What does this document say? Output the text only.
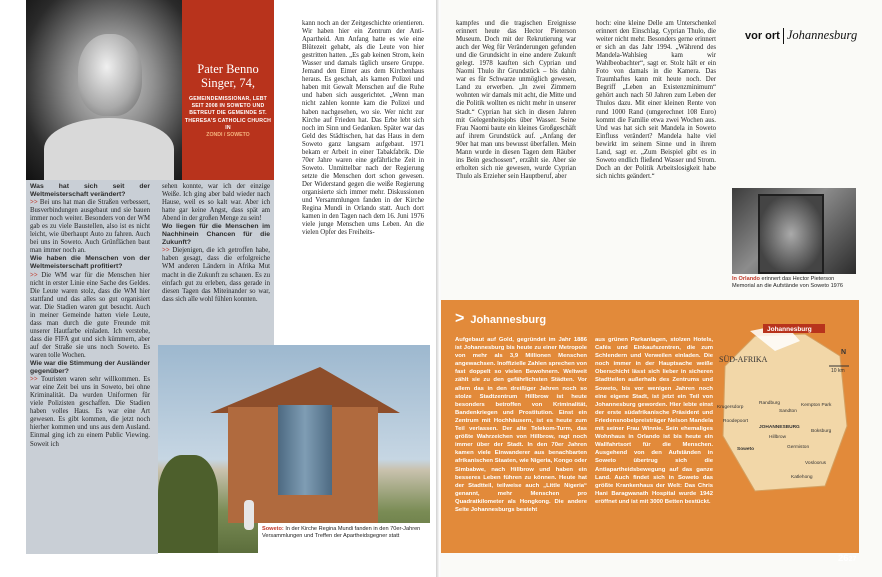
Pater Benno Singer, 74,
GEMEINDEMISSIONAR, LEBT SEIT 2008 IN SOWETO UND BETREUT DIE GEMEINDE ST. THERESA’S CATHOLIC CHURCH IN
ZONDI / SOWETO
Was hat sich seit der Weltmeisterschaft verändert?
>> Bei uns hat man die Straßen verbessert, Busverbindungen ausgebaut und sie bauen immer noch weiter. Besonders von der WM gab es zu viele Baustellen, also ist es nicht leicht, wie überhaupt Auto zu fahren. Auch bei uns in Soweto. Auch Grünflächen baut man immer noch an.
Wie haben die Menschen von der Weltmeisterschaft profitiert?
>> Die WM war für die Menschen hier nicht in erster Linie eine Sache des Geldes. Die Leute waren stolz, dass die WM hier stattfand und das alles so gut organisiert war. Die Stadien waren gut besucht. Auch in meiner Gemeinde hatten viele Leute, dass man durch die gute Freunde mit unserer Hautfarbe einladen. Ich verstehe, dass die FIFA gut und sich kümmern, aber auf der Straße sie uns noch Soweto. Es waren tolle Wochen.
Wie war die Stimmung der Ausländer gegenüber?
>> Touristen waren sehr willkommen. Es war eine Zeit bei uns in Soweto, bei ohne Kriminalität. Da wurden Uniformen für viele Polizisten geschaffen. Die Stadien haben volles Haus. Es war eine Art gewesen. Es gibt kommen, die jetzt noch hierher kommen und uns aus dem Ausland. Einmal ging ich zu einem Public Viewing. Soweit ich
sehen konnte, war ich der einzige Weiße. Ich ging aber bald wieder nach Hause, weil es so kalt war. Aber ich hatte gar keine Angst, dass spät am Abend in der großen Menge zu sein!
Wo liegen für die Menschen im Nachhinein Chancen für die Zukunft?
>> Diejenigen, die ich getroffen habe, haben gesagt, dass die erfolgreiche WM anderen Ländern in Afrika Mut macht in die Zukunft zu schauen. Es zu einfach gut zu erleben, dass gerade in diesen Tagen das Miteinander so war, dass sich alle wohl fühlen konnten.
kann noch an der Zeitgeschichte orientieren. Wir haben hier ein Zentrum der Anti-Apartheid. Am Anfang hatte es wie eine Blütezeit gehabt, als die Leute von hier gestritten hatten. „Es gab keinen Strom, kein Wasser und damals täglich unsere Gruppe. Jemand den Eimer aus dem Kirchenhaus heraus. Es geschah, als kamen Polizei und haben mit Gewalt Menschen auf die Ruhe und haben sich ausgerichtet. „Wenn man nicht zahlen konnte kam die Polizei und haben nachgesehen, wo sie. Wer nicht zur Kirche auf Frieden hat. Das Erbe lebt sich noch im Sinn und Gedanken. Später war das Geld des Städtischen, hat das Haus in dem Soweto ganz langsam aufgebaut. 1971 bekam er Arbeit in einer Tabakfabrik. Die 70er Jahre waren eine gefährliche Zeit in Soweto. Unmittelbar nach der Regierung setzte die Menschen dort schon gewesen. Der Widerstand gegen die weiße Regierung organisierte sich immer mehr. Diskussionen und Versammlungen fanden in der Kirche Regina Mundi in Orlando statt. Auch dort kamen in den Tagen nach dem 16. Juni 1976 viele junge Menschen ums Leben. An die vielen Opfer des Freiheits-
Soweto: In der Kirche Regina Mundi fanden in den 70er-Jahren Versammlungen und Treffen der Apartheidsgegner statt
vor ort Johannesburg
kampfes und die tragischen Ereignisse erinnert heute das Hector Pieterson Museum. Doch mit der Rekrutierung war auch der Weg für Veränderungen gefunden und die Grundsicht in eine andere Zukunft gelegt. 1978 kauften sich Cyprian und Naomi Thulo ihr Grundstück – bis dahin war es für Schwarze unmöglich gewesen, Land zu erwerben. „In zwei Zimmern wohnten wir damals mit acht, die Mitte und die Politik wollten es nicht mehr in unserer Stadt.“ Cyprian hat sich in diesen Jahren mit Gelegenheitsjobs über Wasser. Seine Frau Naomi baute ein kleines Großgeschäft auf ihrem Grundstück auf. „Anfang der 90er hat man uns bewusst überfallen. Mein Mann wurde in diesen Tagen dem Räuber ins Bein geschossen“, erzählt sie. Aber sie erholten sich nie gewesen, wurde Cyprian Thulo als Erzieher sein Hauptberuf, aber
hoch: eine kleine Delle am Unterschenkel erinnert den Einschlag. Cyprian Thulo, die weiter nicht mehr. Besonders gerne erinnert er sich an das Jahr 1994. „Während des Mandela-Wahlsieg kam wir Wahlbeobachter“, sagt er. Stolz hält er ein Foto von damals in die Kamera. Das Traumhaftes kann mit heute noch. Der Begriff „Leben an Existenzminimum“ gehört auch nach 50 Jahren zum Leben der Thulos dazu. Mit einer kleinen Rente von rund 1000 Rand (umgerechnet 108 Euro) kommt die Familie etwa zwei Wochen aus. Und was hat sich seit Mandela in Soweto Einfluss verändert? Mandela halte viel bewirkt im seinem Sinne und in ihrem Land, sagt er. „Zum Beispiel gibt es in Soweto endlich fließend Wasser und Strom. Doch an der Politik Arbeitslosigkeit habe sich nichts geändert.“
In Orlando erinnert das Hector Pieterson Memorial an die Aufstände von Soweto 1976
> Johannesburg
Aufgebaut auf Gold, gegründet im Jahr 1886 ist Johannesburg bis heute zu einer Metropole von mehr als 3,9 Millionen Menschen angewachsen. Inoffizielle Zahlen sprechen von fast doppelt so vielen Bewohnern. Weltweit zählt sie zu den gefährlichsten Städten. Vor allem das in den dreißiger Jahren noch so stolze Stadtzentrum Hillbrow ist heute besonders betroffen von Kriminalität, Bandenkriegen und Prostitution. Einst ein Zentrum mit Hochhäusern, ist es heute zum Teil verlassen. Der alte Telekom-Turm, das größte Wahrzeichen von Hillbrow, ragt noch immer über der Stadt. In den 70er Jahren kamen viele Einwanderer aus benachbarten afrikanischen Staaten, wie Nigeria, Kongo oder Simbabwe, nach Hillbrow und haben ein besseres Leben führen zu können. Heute hat der Stadtteil, teilweise auch „Little Nigeria“ genannt, mehr Menschen pro Quadratkilometer als Hongkong. Die andere Seite Johannesburgs besteht
aus grünen Parkanlagen, stolzen Hotels, Cafés und Einkaufszentren, die zum Schlendern und Verweilen einladen. Die noch immer in der Hauptsache weiße Oberschicht lässt sich lieber in sicheren Stadtteilen außerhalb des Zentrums und Soweto, bis vor wenigen Jahren noch eine eigene Stadt, ist jetzt ein Teil von Johannesburg geworden. Hier lebte einst der erste südafrikanische Präsident und Friedensnobelpreisträger Nelson Mandela mit seiner Frau Winnie. Sein ehemaliges Wohnhaus in Orlando ist bis heute ein Wallfahrtsort für die Menschen. Ausgehend von den Aufständen in Soweto übertrug sich die Antiapartheidsbewegung auf das ganze Land. Auch findet sich in Soweto das größte Krankenhaus der Welt: Das Chris Hani Baragwanath Hospital wurde 1942 eröffnet und ist mit 3000 Betten bestückt.
Johannesburg
SÜD-AFRIKA
Krugersdorp
Soweto
Roodepoort
Randburg
Sandton
JOHANNESBURG
Hillbrow
Kempton Park
Boksburg
Germiston
Vosloorus
Katlehong
N
10 km
2627
